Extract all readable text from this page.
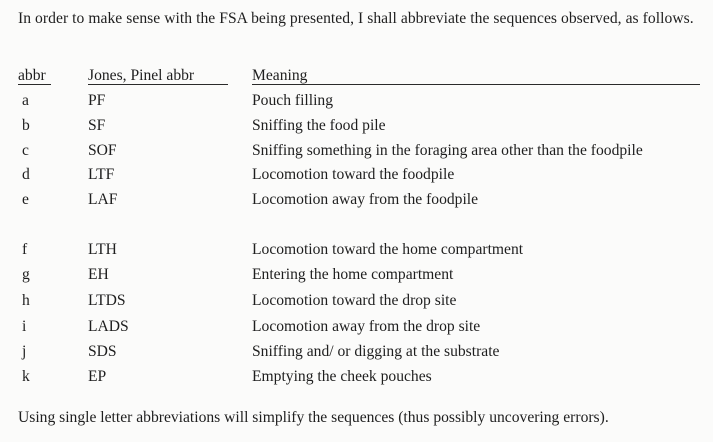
In order to make sense with the FSA being presented, I shall abbreviate the sequences observed, as follows.
abbr	Jones, Pinel abbr	Meaning
a	PF	Pouch filling
b	SF	Sniffing the food pile
c	SOF	Sniffing something in the foraging area other than the foodpile
d	LTF	Locomotion toward the foodpile
e	LAF	Locomotion away from the foodpile
f	LTH	Locomotion toward the home compartment
g	EH	Entering the home compartment
h	LTDS	Locomotion toward the drop site
i	LADS	Locomotion away from the drop site
j	SDS	Sniffing and/ or digging at the substrate
k	EP	Emptying the cheek pouches
Using single letter abbreviations will simplify the sequences (thus possibly uncovering errors).
